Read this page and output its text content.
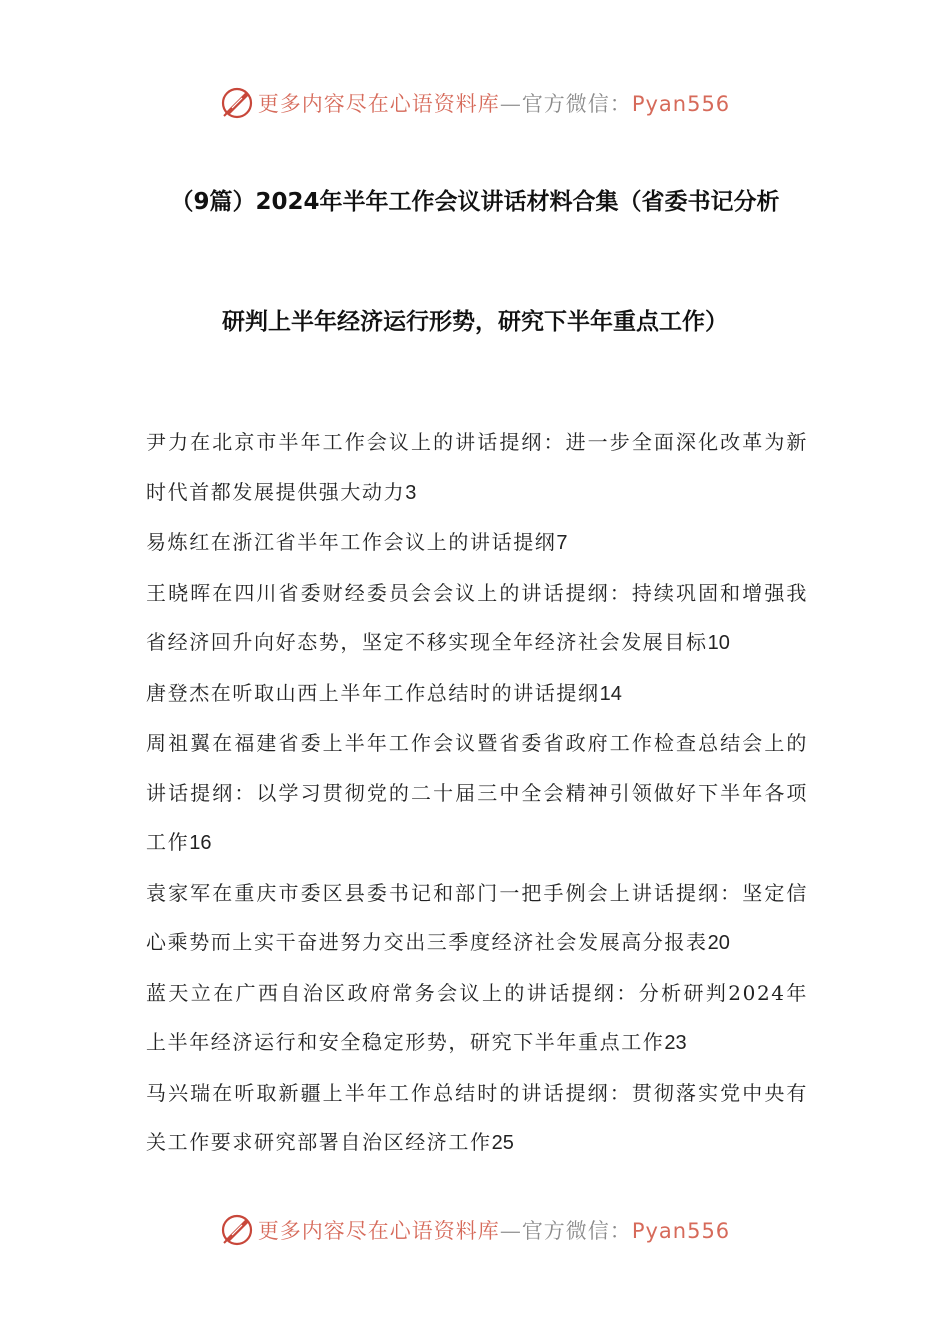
更多内容尽在心语资料库—官方微信：Pyan556
（9篇）2024年半年工作会议讲话材料合集（省委书记分析
研判上半年经济运行形势，研究下半年重点工作）
尹力在北京市半年工作会议上的讲话提纲：进一步全面深化改革为新时代首都发展提供强大动力3
易炼红在浙江省半年工作会议上的讲话提纲7
王晓晖在四川省委财经委员会会议上的讲话提纲：持续巩固和增强我省经济回升向好态势，坚定不移实现全年经济社会发展目标10
唐登杰在听取山西上半年工作总结时的讲话提纲14
周祖翼在福建省委上半年工作会议暨省委省政府工作检查总结会上的讲话提纲：以学习贯彻党的二十届三中全会精神引领做好下半年各项工作16
袁家军在重庆市委区县委书记和部门一把手例会上讲话提纲：坚定信心乘势而上实干奋进努力交出三季度经济社会发展高分报表20
蓝天立在广西自治区政府常务会议上的讲话提纲：分析研判2024年上半年经济运行和安全稳定形势，研究下半年重点工作23
马兴瑞在听取新疆上半年工作总结时的讲话提纲：贯彻落实党中央有关工作要求研究部署自治区经济工作25
更多内容尽在心语资料库—官方微信：Pyan556
